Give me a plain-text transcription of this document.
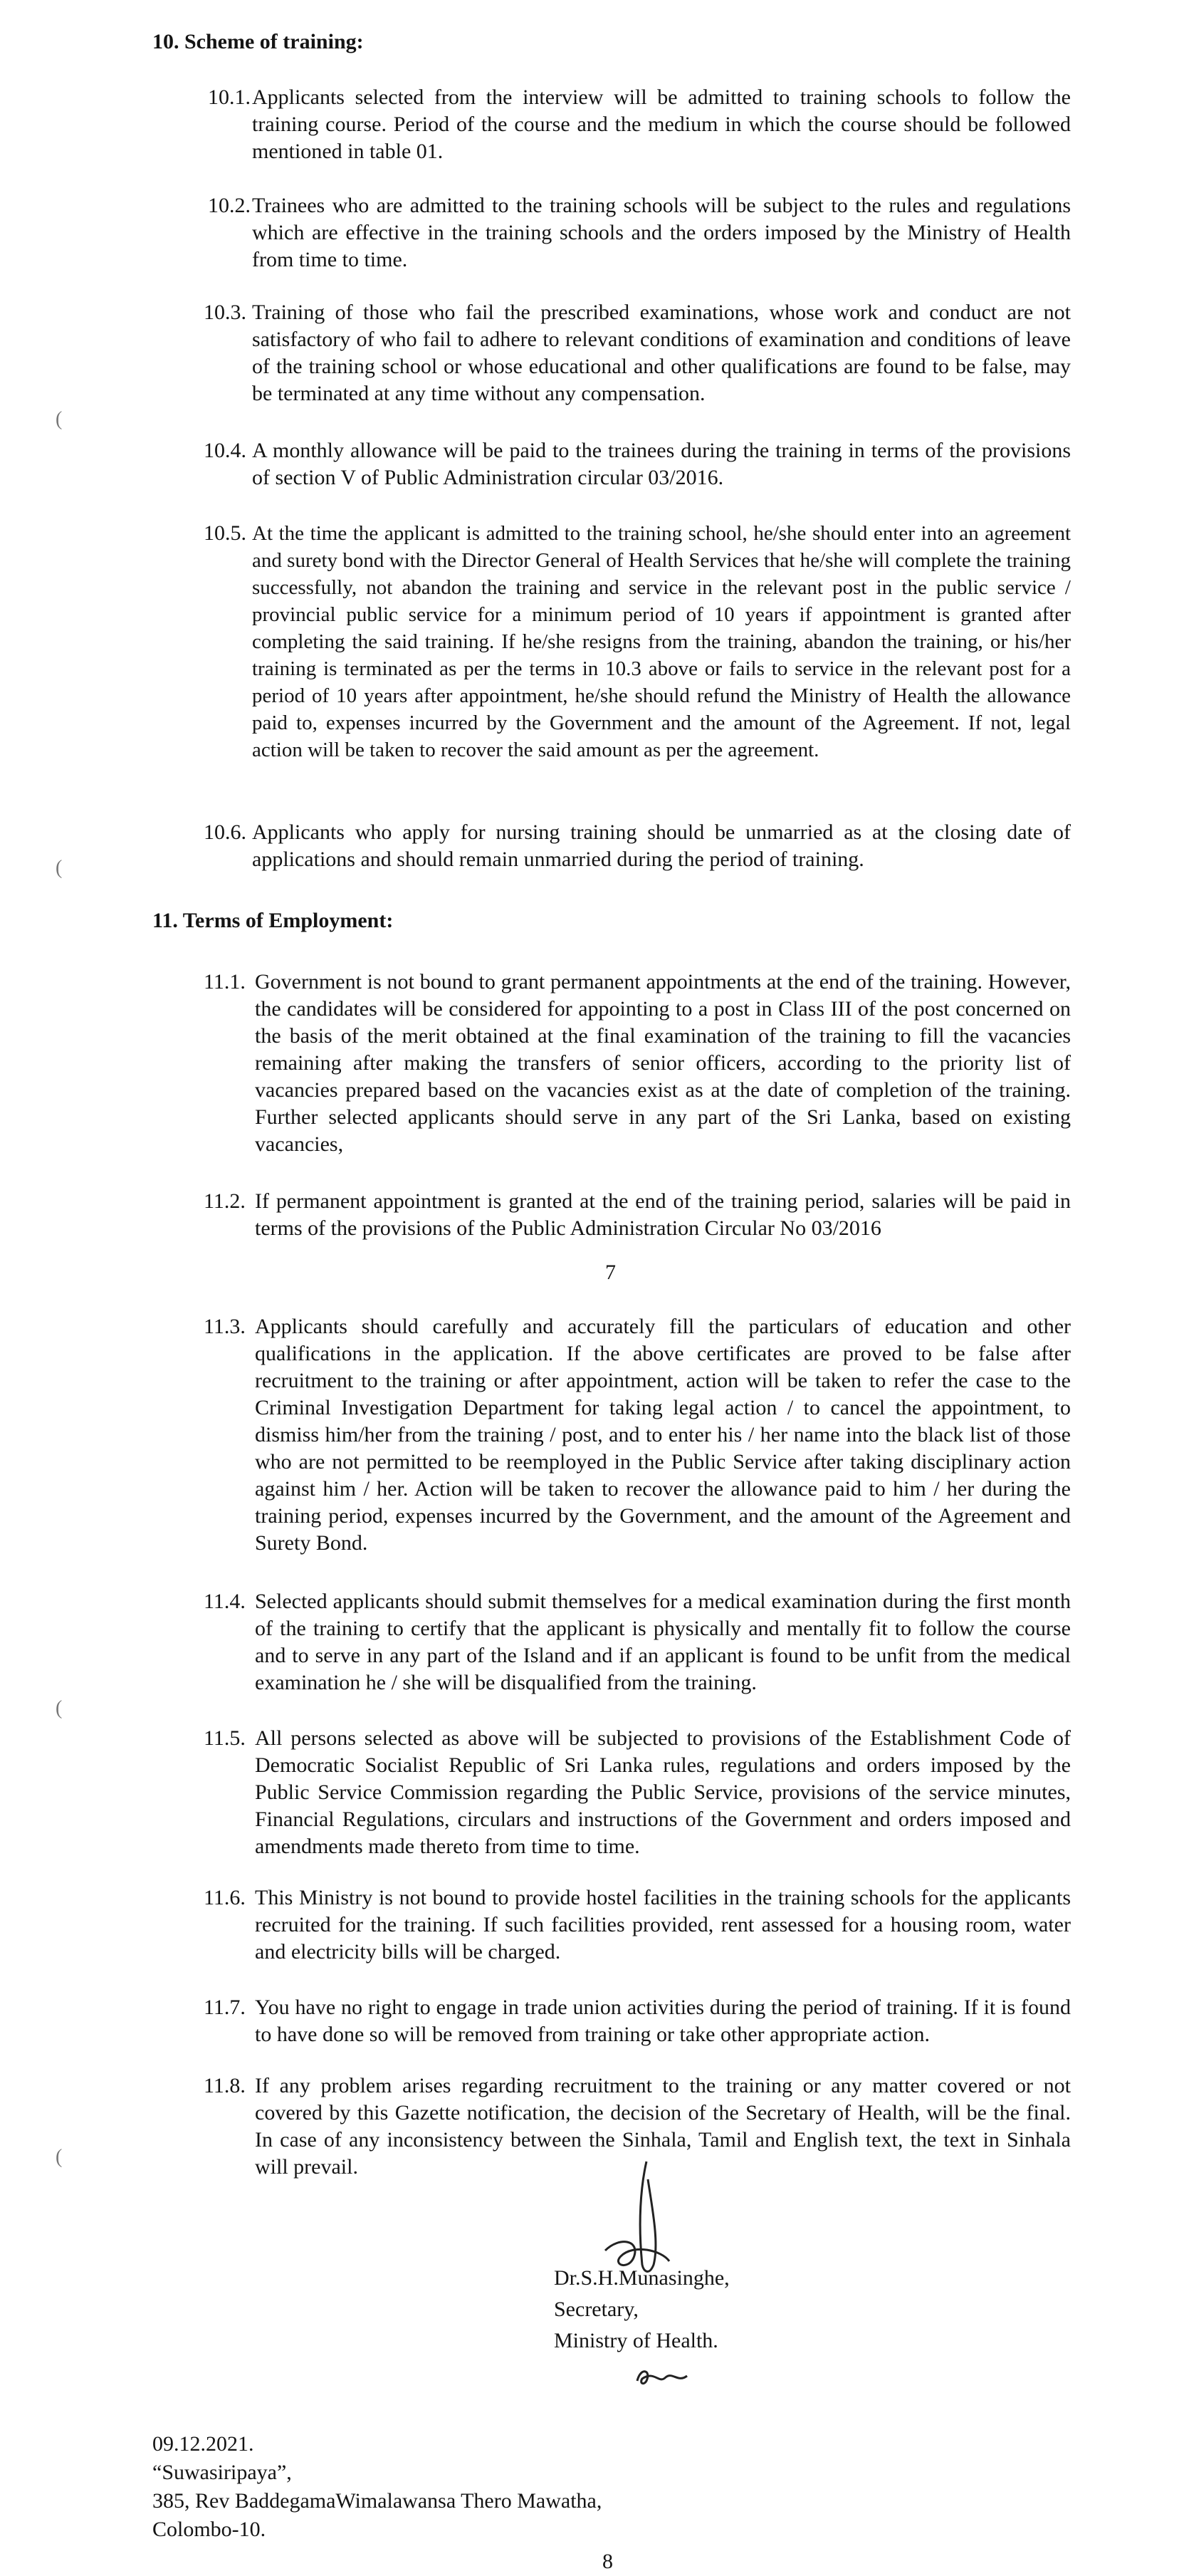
10. Scheme of training:
10.1. Applicants selected from the interview will be admitted to training schools to follow the training course. Period of the course and the medium in which the course should be followed mentioned in table 01.

10.2. Trainees who are admitted to the training schools will be subject to the rules and regulations which are effective in the training schools and the orders imposed by the Ministry of Health from time to time.

10.3. Training of those who fail the prescribed examinations, whose work and conduct are not satisfactory of who fail to adhere to relevant conditions of examination and conditions of leave of the training school or whose educational and other qualifications are found to be false, may be terminated at any time without any compensation.

10.4. A monthly allowance will be paid to the trainees during the training in terms of the provisions of section V of Public Administration circular 03/2016.

10.5. At the time the applicant is admitted to the training school, he/she should enter into an agreement and surety bond with the Director General of Health Services that he/she will complete the training successfully, not abandon the training and service in the relevant post in the public service / provincial public service for a minimum period of 10 years if appointment is granted after completing the said training. If he/she resigns from the training, abandon the training, or his/her training is terminated as per the terms in 10.3 above or fails to service in the relevant post for a period of 10 years after appointment, he/she should refund the Ministry of Health the allowance paid to, expenses incurred by the Government and the amount of the Agreement. If not, legal action will be taken to recover the said amount as per the agreement.

10.6. Applicants who apply for nursing training should be unmarried as at the closing date of applications and should remain unmarried during the period of training.

11. Terms of Employment:
11.1. Government is not bound to grant permanent appointments at the end of the training. However, the candidates will be considered for appointing to a post in Class III of the post concerned on the basis of the merit obtained at the final examination of the training to fill the vacancies remaining after making the transfers of senior officers, according to the priority list of vacancies prepared based on the vacancies exist as at the date of completion of the training. Further selected applicants should serve in any part of the Sri Lanka, based on existing vacancies,

11.2. If permanent appointment is granted at the end of the training period, salaries will be paid in terms of the provisions of the Public Administration Circular No 03/2016

7
11.3. Applicants should carefully and accurately fill the particulars of education and other qualifications in the application. If the above certificates are proved to be false after recruitment to the training or after appointment, action will be taken to refer the case to the Criminal Investigation Department for taking legal action / to cancel the appointment, to dismiss him/her from the training / post, and to enter his / her name into the black list of those who are not permitted to be reemployed in the Public Service after taking disciplinary action against him / her. Action will be taken to recover the allowance paid to him / her during the training period, expenses incurred by the Government, and the amount of the Agreement and Surety Bond.

11.4. Selected applicants should submit themselves for a medical examination during the first month of the training to certify that the applicant is physically and mentally fit to follow the course and to serve in any part of the Island and if an applicant is found to be unfit from the medical examination he / she will be disqualified from the training.

11.5. All persons selected as above will be subjected to provisions of the Establishment Code of Democratic Socialist Republic of Sri Lanka rules, regulations and orders imposed by the Public Service Commission regarding the Public Service, provisions of the service minutes, Financial Regulations, circulars and instructions of the Government and orders imposed and amendments made thereto from time to time.

11.6. This Ministry is not bound to provide hostel facilities in the training schools for the applicants recruited for the training. If such facilities provided, rent assessed for a housing room, water and electricity bills will be charged.

11.7. You have no right to engage in trade union activities during the period of training. If it is found to have done so will be removed from training or take other appropriate action.

11.8. If any problem arises regarding recruitment to the training or any matter covered or not covered by this Gazette notification, the decision of the Secretary of Health, will be the final. In case of any inconsistency between the Sinhala, Tamil and English text, the text in Sinhala will prevail.

Dr.S.H.Munasinghe,
Secretary,
Ministry of Health.
09.12.2021.
“Suwasiripaya”,
385, Rev BaddegamaWimalawansa Thero Mawatha,
Colombo-10.
8
(
(
(
(
